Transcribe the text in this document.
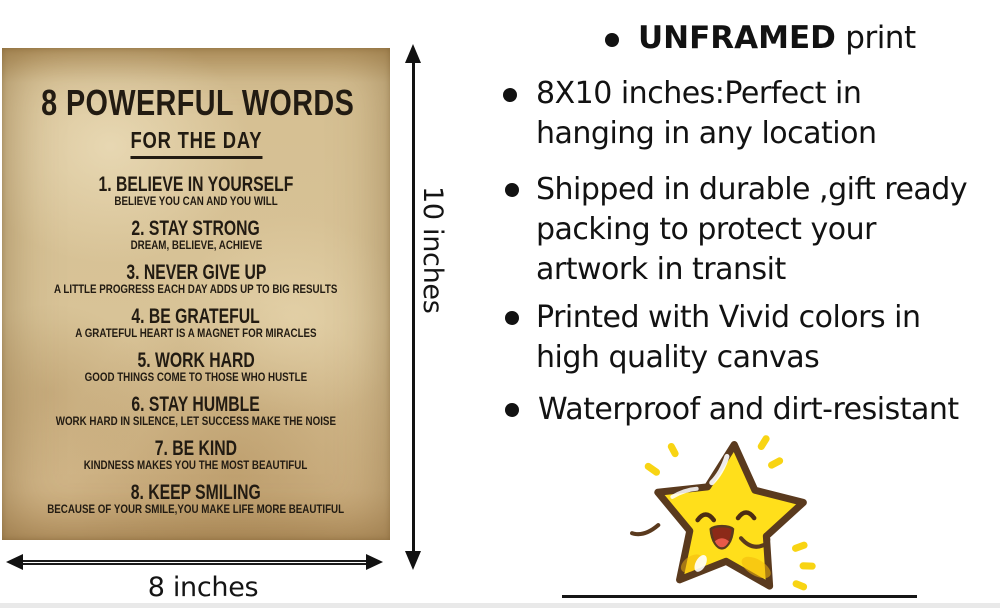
8 POWERFUL WORDS
FOR THE DAY
1. BELIEVE IN YOURSELF
BELIEVE YOU CAN AND YOU WILL
2. STAY STRONG
DREAM, BELIEVE, ACHIEVE
3. NEVER GIVE UP
A LITTLE PROGRESS EACH DAY ADDS UP TO BIG RESULTS
4. BE GRATEFUL
A GRATEFUL HEART IS A MAGNET FOR MIRACLES
5. WORK HARD
GOOD THINGS COME TO THOSE WHO HUSTLE
6. STAY HUMBLE
WORK HARD IN SILENCE, LET SUCCESS MAKE THE NOISE
7. BE KIND
KINDNESS MAKES YOU THE MOST BEAUTIFUL
8. KEEP SMILING
BECAUSE OF YOUR SMILE,YOU MAKE LIFE MORE BEAUTIFUL
10 inches
8 inches
UNFRAMED print
8X10 inches:Perfect in
hanging in any location
Shipped in durable ,gift ready
packing to protect your
artwork in transit
Printed with Vivid colors in
high quality canvas
Waterproof and dirt-resistant
